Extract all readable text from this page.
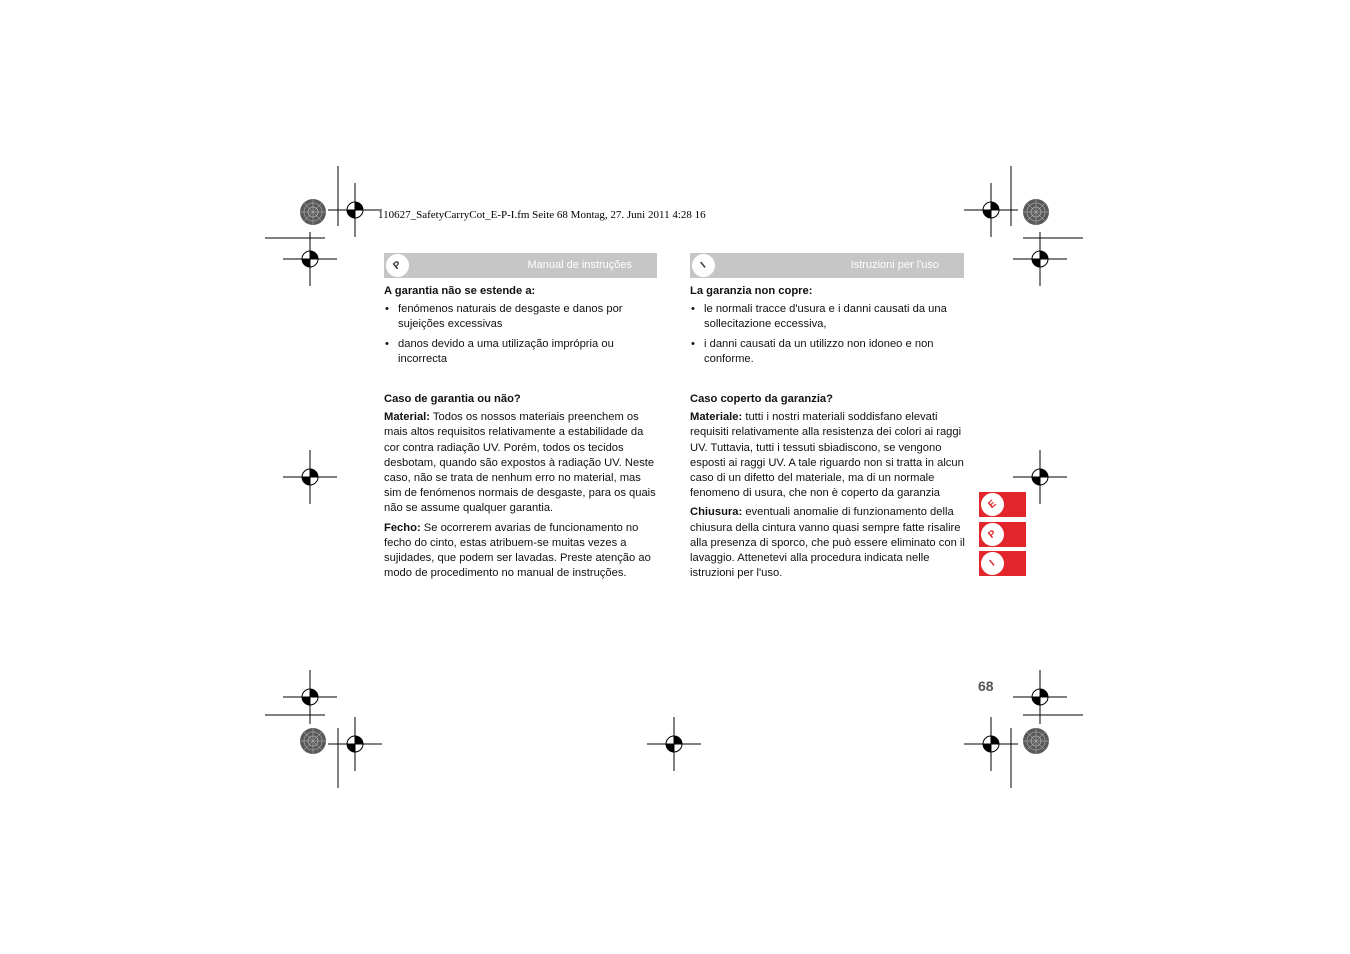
110627_SafetyCarryCot_E-P-I.fm Seite 68 Montag, 27. Juni 2011 4:28 16
P	Manual de instruções	I	Istruzioni per l'uso
A garantia não se estende a:
• fenómenos naturais de desgaste e danos por sujeições excessivas
• danos devido a uma utilização imprópria ou incorrecta
Caso de garantia ou não?

Material: Todos os nossos materiais preenchem os mais altos requisitos relativamente a estabilidade da cor contra radiação UV. Porém, todos os tecidos desbotam, quando são expostos à radiação UV. Neste caso, não se trata de nenhum erro no material, mas sim de fenómenos normais de desgaste, para os quais não se assume qualquer garantia.

Fecho: Se ocorrerem avarias de funcionamento no fecho do cinto, estas atribuem-se muitas vezes a sujidades, que podem ser lavadas. Preste atenção ao modo de procedimento no manual de instruções.

La garanzia non copre:
• le normali tracce d'usura e i danni causati da una sollecitazione eccessiva,
• i danni causati da un utilizzo non idoneo e non conforme.
Caso coperto da garanzia?

Materiale: tutti i nostri materiali soddisfano elevati requisiti relativamente alla resistenza dei colori ai raggi UV. Tuttavia, tutti i tessuti sbiadiscono, se vengono esposti ai raggi UV. A tale riguardo non si tratta in alcun caso di un difetto del materiale, ma di un normale fenomeno di usura, che non è coperto da garanzia

Chiusura: eventuali anomalie di funzionamento della chiusura della cintura vanno quasi sempre fatte risalire alla presenza di sporco, che può essere eliminato con il lavaggio. Attenetevi alla procedura indicata nelle istruzioni per l'uso.

E
P
I
68
